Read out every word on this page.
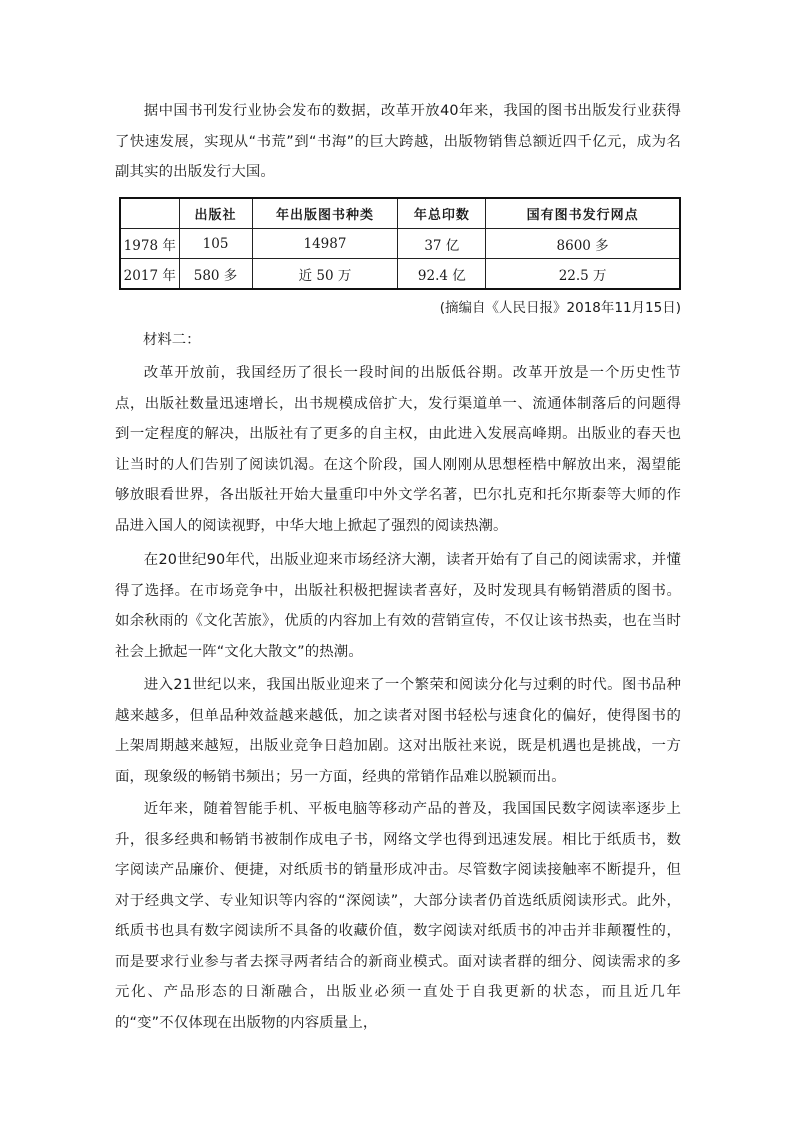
据中国书刊发行业协会发布的数据，改革开放40年来，我国的图书出版发行业获得了快速发展，实现从“书荒”到“书海”的巨大跨越，出版物销售总额近四千亿元，成为名副其实的出版发行大国。

	出版社	年出版图书种类	年总印数	国有图书发行网点
1978 年	105	14987	37 亿	8600 多
2017 年	580 多	近 50 万	92.4 亿	22.5 万

(摘编自《人民日报》2018年11月15日)

材料二：

改革开放前，我国经历了很长一段时间的出版低谷期。改革开放是一个历史性节点，出版社数量迅速增长，出书规模成倍扩大，发行渠道单一、流通体制落后的问题得到一定程度的解决，出版社有了更多的自主权，由此进入发展高峰期。出版业的春天也让当时的人们告别了阅读饥渴。在这个阶段，国人刚刚从思想桎梏中解放出来，渴望能够放眼看世界，各出版社开始大量重印中外文学名著，巴尔扎克和托尔斯泰等大师的作品进入国人的阅读视野，中华大地上掀起了强烈的阅读热潮。

在20世纪90年代，出版业迎来市场经济大潮，读者开始有了自己的阅读需求，并懂得了选择。在市场竞争中，出版社积极把握读者喜好，及时发现具有畅销潜质的图书。如余秋雨的《文化苦旅》，优质的内容加上有效的营销宣传，不仅让该书热卖，也在当时社会上掀起一阵“文化大散文”的热潮。

进入21世纪以来，我国出版业迎来了一个繁荣和阅读分化与过剩的时代。图书品种越来越多，但单品种效益越来越低，加之读者对图书轻松与速食化的偏好，使得图书的上架周期越来越短，出版业竞争日趋加剧。这对出版社来说，既是机遇也是挑战，一方面，现象级的畅销书频出；另一方面，经典的常销作品难以脱颖而出。

近年来，随着智能手机、平板电脑等移动产品的普及，我国国民数字阅读率逐步上升，很多经典和畅销书被制作成电子书，网络文学也得到迅速发展。相比于纸质书，数字阅读产品廉价、便捷，对纸质书的销量形成冲击。尽管数字阅读接触率不断提升，但对于经典文学、专业知识等内容的“深阅读”，大部分读者仍首选纸质阅读形式。此外，纸质书也具有数字阅读所不具备的收藏价值，数字阅读对纸质书的冲击并非颠覆性的，而是要求行业参与者去探寻两者结合的新商业模式。面对读者群的细分、阅读需求的多元化、产品形态的日渐融合，出版业必须一直处于自我更新的状态，而且近几年的“变”不仅体现在出版物的内容质量上，
